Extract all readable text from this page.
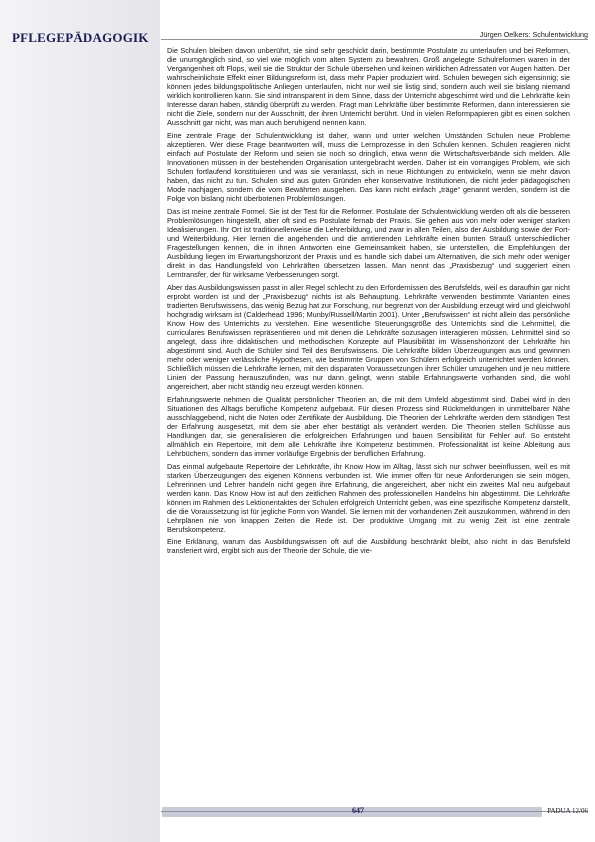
PFLEGEPÄDAGOGIK	Jürgen Oelkers: Schulentwicklung

Die Schulen bleiben davon unberührt, sie sind sehr geschickt darin, bestimmte Postulate zu unterlaufen und bei Reformen, die unumgänglich sind, so viel wie möglich vom alten System zu bewahren. Groß angelegte Schulreformen waren in der Vergangenheit oft Flops, weil sie die Struktur der Schule übersehen und keinen wirklichen Adressaten vor Augen hatten. Der wahrscheinlichste Effekt einer Bildungsreform ist, dass mehr Papier produziert wird. Schulen bewegen sich eigensinnig; sie können jedes bildungspolitische Anliegen unterlaufen, nicht nur weil sie listig sind, sondern auch weil sie bislang niemand wirklich kontrollieren kann. Sie sind intransparent in dem Sinne, dass der Unterricht abgeschirmt wird und die Lehrkräfte kein Interesse daran haben, ständig überprüft zu werden. Fragt man Lehrkräfte über bestimmte Reformen, dann interessieren sie nicht die Ziele, sondern nur der Ausschnitt, der ihren Unterricht berührt. Und in vielen Reformpapieren gibt es einen solchen Ausschnitt gar nicht, was man auch beruhigend nennen kann.

Eine zentrale Frage der Schulentwicklung ist daher, wann und unter welchen Umständen Schulen neue Probleme akzeptieren. Wer diese Frage beantworten will, muss die Lernprozesse in den Schulen kennen. Schulen reagieren nicht einfach auf Postulate der Reform und seien sie noch so dringlich, etwa wenn die Wirtschaftsverbände sich melden. Alle Innovationen müssen in der bestehenden Organisation untergebracht werden. Daher ist ein vorrangiges Problem, wie sich Schulen fortlaufend konstituieren und was sie veranlasst, sich in neue Richtungen zu entwickeln, wenn sie mehr davon haben, das nicht zu tun. Schulen sind aus guten Gründen eher konservative Institutionen, die nicht jeder pädagogischen Mode nachjagen, sondern die vom Bewährten ausgehen. Das kann nicht einfach „träge“ genannt werden, sondern ist die Folge von bislang nicht überbotenen Problemlösungen.

Das ist meine zentrale Formel. Sie ist der Test für die Reformer. Postulate der Schulentwicklung werden oft als die besseren Problemlösungen hingestellt, aber oft sind es Postulate fernab der Praxis. Sie gehen aus von mehr oder weniger starken Idealisierungen. Ihr Ort ist traditionellerweise die Lehrerbildung, und zwar in allen Teilen, also der Ausbildung sowie der Fort- und Weiterbildung. Hier lernen die angehenden und die amtierenden Lehrkräfte einen bunten Strauß unterschiedlicher Fragestellungen kennen, die in ihnen Antworten eine Gemeinsamkeit haben, sie unterstellen, die Empfehlungen der Ausbildung liegen im Erwartungshorizont der Praxis und es handle sich dabei um Alternativen, die sich mehr oder weniger direkt in das Handlungsfeld von Lehrkräften übersetzen lassen. Man nennt das „Praxisbezug“ und suggeriert einen Lerntransfer, der für wirksame Verbesserungen sorgt.

Aber das Ausbildungswissen passt in aller Regel schlecht zu den Erfordernissen des Berufsfelds, weil es daraufhin gar nicht erprobt worden ist und der „Praxisbezug“ nichts ist als Behauptung. Lehrkräfte verwenden bestimmte Varianten eines tradierten Berufswissens, das wenig Bezug hat zur Forschung, nur begrenzt von der Ausbildung erzeugt wird und gleichwohl hochgradig wirksam ist (Calderhead 1996; Munby/Russell/Martin 2001). Unter „Berufswissen“ ist nicht allein das persönliche Know How des Unterrichts zu verstehen. Eine wesentliche Steuerungsgröße des Unterrichts sind die Lehrmittel, die curriculares Berufswissen repräsentieren und mit denen die Lehrkräfte sozusagen interagieren müssen. Lehrmittel sind so angelegt, dass ihre didaktischen und methodischen Konzepte auf Plausibilität im Wissenshorizont der Lehrkräfte hin abgestimmt sind. Auch die Schüler sind Teil des Berufswissens. Die Lehrkräfte bilden Überzeugungen aus und gewinnen mehr oder weniger verlässliche Hypothesen, wie bestimmte Gruppen von Schülern erfolgreich unterrichtet werden können. Schließlich müssen die Lehrkräfte lernen, mit den disparaten Voraussetzungen ihrer Schüler umzugehen und je neu mittlere Linien der Passung herauszufinden, was nur dann gelingt, wenn stabile Erfahrungswerte vorhanden sind, die wohl angereichert, aber nicht ständig neu erzeugt werden können.

Erfahrungswerte nehmen die Qualität persönlicher Theorien an, die mit dem Umfeld abgestimmt sind. Dabei wird in den Situationen des Alltags berufliche Kompetenz aufgebaut. Für diesen Prozess sind Rückmeldungen in unmittelbarer Nähe ausschlaggebend, nicht die Noten oder Zertifikate der Ausbildung. Die Theorien der Lehrkräfte werden dem ständigen Test der Erfahrung ausgesetzt, mit dem sie aber eher bestätigt als verändert werden. Die Theorien stellen Schlüsse aus Handlungen dar, sie generalisieren die erfolgreichen Erfahrungen und bauen Sensibilität für Fehler auf. So entsteht allmählich ein Repertoire, mit dem alle Lehrkräfte ihre Kompetenz bestimmen. Professionalität ist keine Ableitung aus Lehrbüchern, sondern das immer vorläufige Ergebnis der beruflichen Erfahrung.

Das einmal aufgebaute Repertoire der Lehrkräfte, ihr Know How im Alltag, lässt sich nur schwer beeinflussen, weil es mit starken Überzeugungen des eigenen Könnens verbunden ist. Wie immer offen für neue Anforderungen sie sein mögen, Lehrerinnen und Lehrer handeln nicht gegen ihre Erfahrung, die angereichert, aber nicht ein zweites Mal neu aufgebaut werden kann. Das Know How ist auf den zeitlichen Rahmen des professionellen Handelns hin abgestimmt. Die Lehrkräfte können im Rahmen des Lektionentaktes der Schulen erfolgreich Unterricht geben, was eine spezifische Kompetenz darstellt, die die Voraussetzung ist für jegliche Form von Wandel. Sie lernen mit der vorhandenen Zeit auszukommen, während in den Lehrplänen nie von knappen Zeiten die Rede ist. Der produktive Umgang mit zu wenig Zeit ist eine zentrale Berufskompetenz.

Eine Erklärung, warum das Ausbildungswissen oft auf die Ausbildung beschränkt bleibt, also nicht in das Berufsfeld transferiert wird, ergibt sich aus der Theorie der Schule, die vie-

647	PADUA 12/06
